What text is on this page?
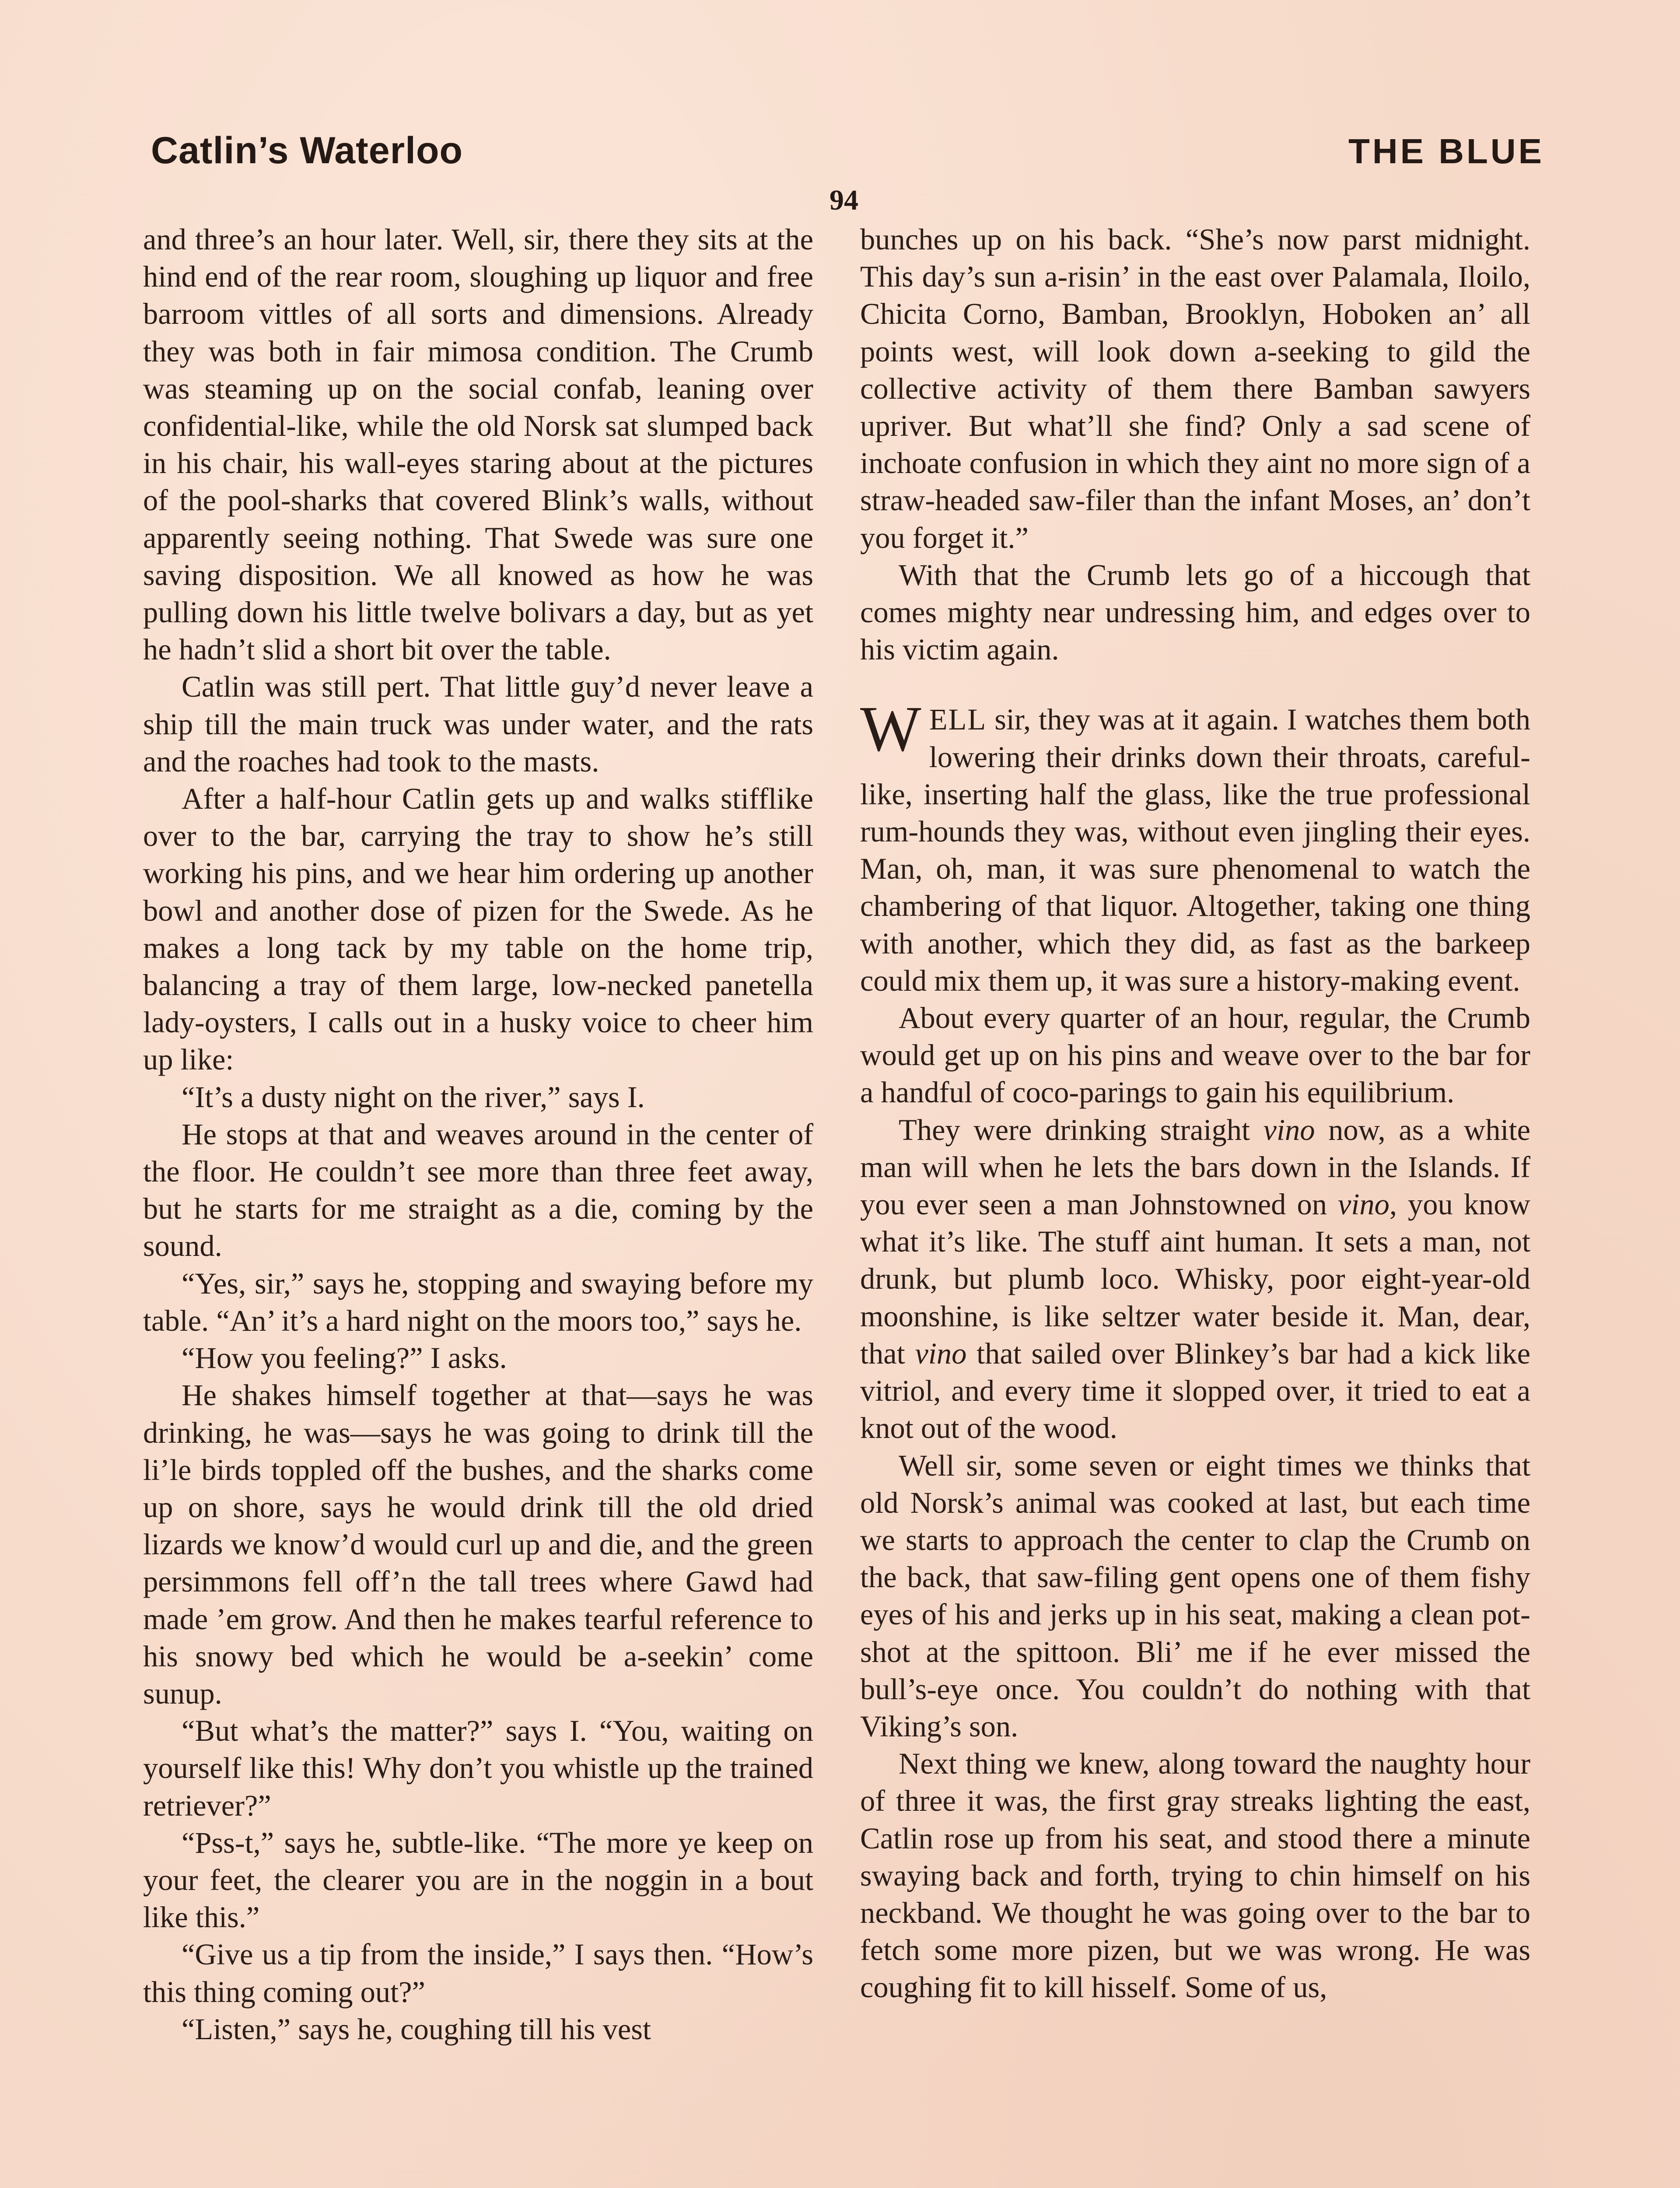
Catlin’s Waterloo	THE BLUE
94

and three’s an hour later. Well, sir, there they sits at the hind end of the rear room, sloughing up liquor and free barroom vittles of all sorts and dimensions. Already they was both in fair mimosa condition. The Crumb was steaming up on the social confab, leaning over confidential-like, while the old Norsk sat slumped back in his chair, his wall-eyes staring about at the pictures of the pool-sharks that covered Blink’s walls, without apparently seeing nothing. That Swede was sure one saving disposition. We all knowed as how he was pulling down his little twelve bolivars a day, but as yet he hadn’t slid a short bit over the table.

Catlin was still pert. That little guy’d never leave a ship till the main truck was under water, and the rats and the roaches had took to the masts.

After a half-hour Catlin gets up and walks stifflike over to the bar, carrying the tray to show he’s still working his pins, and we hear him ordering up another bowl and another dose of pizen for the Swede. As he makes a long tack by my table on the home trip, balancing a tray of them large, low-necked panetella lady-oysters, I calls out in a husky voice to cheer him up like:

“It’s a dusty night on the river,” says I.

He stops at that and weaves around in the center of the floor. He couldn’t see more than three feet away, but he starts for me straight as a die, coming by the sound.

“Yes, sir,” says he, stopping and swaying before my table. “An’ it’s a hard night on the moors too,” says he.

“How you feeling?” I asks.

He shakes himself together at that—says he was drinking, he was—says he was going to drink till the li’le birds toppled off the bushes, and the sharks come up on shore, says he would drink till the old dried lizards we know’d would curl up and die, and the green persimmons fell off’n the tall trees where Gawd had made ’em grow. And then he makes tearful reference to his snowy bed which he would be a-seekin’ come sunup.

“But what’s the matter?” says I. “You, waiting on yourself like this! Why don’t you whistle up the trained retriever?”

“Pss-t,” says he, subtle-like. “The more ye keep on your feet, the clearer you are in the noggin in a bout like this.”

“Give us a tip from the inside,” I says then. “How’s this thing coming out?”

“Listen,” says he, coughing till his vest

bunches up on his back. “She’s now parst midnight. This day’s sun a-risin’ in the east over Palamala, Iloilo, Chicita Corno, Bamban, Brooklyn, Hoboken an’ all points west, will look down a-seeking to gild the collective activity of them there Bamban sawyers upriver. But what’ll she find? Only a sad scene of inchoate confusion in which they aint no more sign of a straw-headed saw-filer than the infant Moses, an’ don’t you forget it.”

With that the Crumb lets go of a hiccough that comes mighty near undressing him, and edges over to his victim again.

WELL sir, they was at it again. I watches them both lowering their drinks down their throats, careful-like, inserting half the glass, like the true professional rum-hounds they was, without even jingling their eyes. Man, oh, man, it was sure phenomenal to watch the chambering of that liquor. Altogether, taking one thing with another, which they did, as fast as the barkeep could mix them up, it was sure a history-making event.

About every quarter of an hour, regular, the Crumb would get up on his pins and weave over to the bar for a handful of coco-parings to gain his equilibrium.

They were drinking straight vino now, as a white man will when he lets the bars down in the Islands. If you ever seen a man Johnstowned on vino, you know what it’s like. The stuff aint human. It sets a man, not drunk, but plumb loco. Whisky, poor eight-year-old moonshine, is like seltzer water beside it. Man, dear, that vino that sailed over Blinkey’s bar had a kick like vitriol, and every time it slopped over, it tried to eat a knot out of the wood.

Well sir, some seven or eight times we thinks that old Norsk’s animal was cooked at last, but each time we starts to approach the center to clap the Crumb on the back, that saw-filing gent opens one of them fishy eyes of his and jerks up in his seat, making a clean pot-shot at the spittoon. Bli’ me if he ever missed the bull’s-eye once. You couldn’t do nothing with that Viking’s son.

Next thing we knew, along toward the naughty hour of three it was, the first gray streaks lighting the east, Catlin rose up from his seat, and stood there a minute swaying back and forth, trying to chin himself on his neckband. We thought he was going over to the bar to fetch some more pizen, but we was wrong. He was coughing fit to kill hisself. Some of us,
